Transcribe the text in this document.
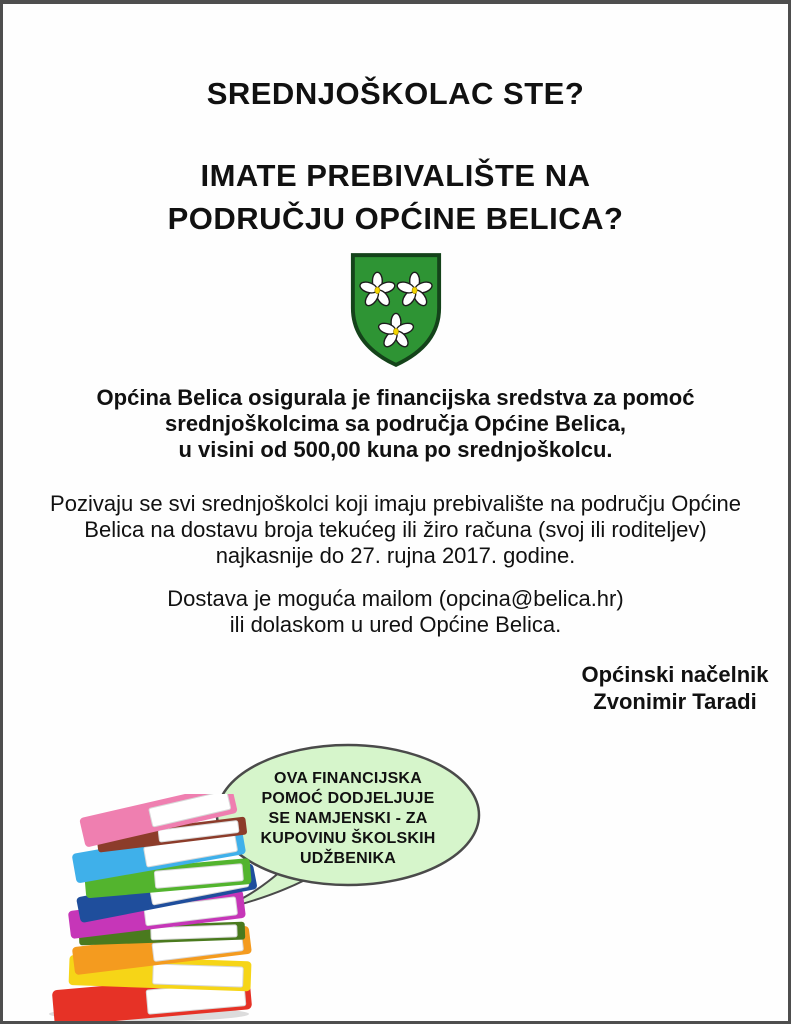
SREDNJOŠKOLAC STE?
IMATE PREBIVALIŠTE NA
PODRUČJU OPĆINE BELICA?
Općina Belica osigurala je financijska sredstva za pomoć
srednjoškolcima sa područja Općine Belica,
u visini od 500,00 kuna po srednjoškolcu.
Pozivaju se svi srednjoškolci koji imaju prebivalište na području Općine
Belica na dostavu broja tekućeg ili žiro računa (svoj ili roditeljev)
najkasnije do 27. rujna 2017. godine.
Dostava je moguća mailom (opcina@belica.hr)
ili dolaskom u ured Općine Belica.
Općinski načelnik
Zvonimir Taradi
OVA FINANCIJSKA
POMOĆ DODJELJUJE
SE NAMJENSKI - ZA
KUPOVINU ŠKOLSKIH
UDŽBENIKA
